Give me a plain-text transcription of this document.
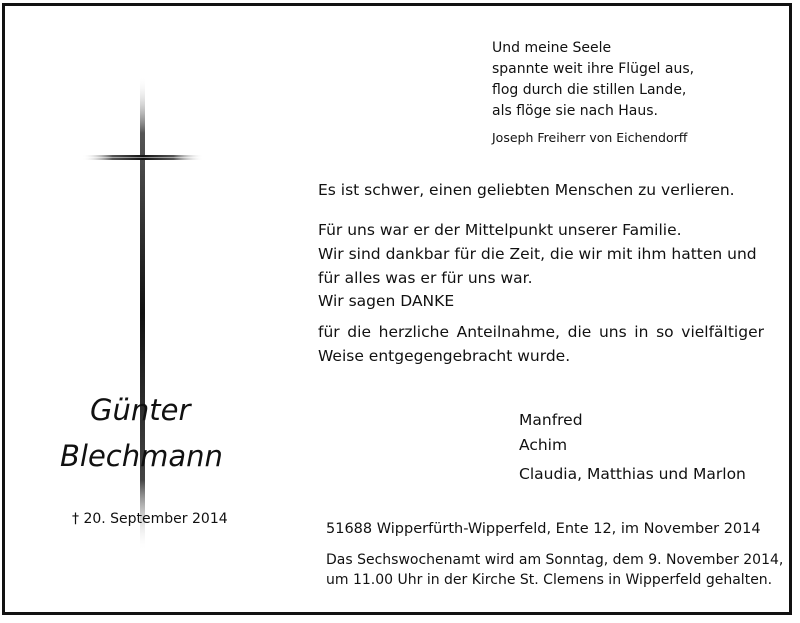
Und meine Seele
spannte weit ihre Flügel aus,
flog durch die stillen Lande,
als flöge sie nach Haus.
Joseph Freiherr von Eichendorff
Es ist schwer, einen geliebten Menschen zu verlieren.
Für uns war er der Mittelpunkt unserer Familie.
Wir sind dankbar für die Zeit, die wir mit ihm hatten und
für alles was er für uns war.
Wir sagen DANKE
für die herzliche Anteilnahme, die uns in so vielfältiger Weise entgegengebracht wurde.
Günter
Blechmann
† 20. September 2014
Manfred
Achim
Claudia, Matthias und Marlon
51688 Wipperfürth-Wipperfeld, Ente 12, im November 2014
Das Sechswochenamt wird am Sonntag, dem 9. November 2014,
um 11.00 Uhr in der Kirche St. Clemens in Wipperfeld gehalten.
